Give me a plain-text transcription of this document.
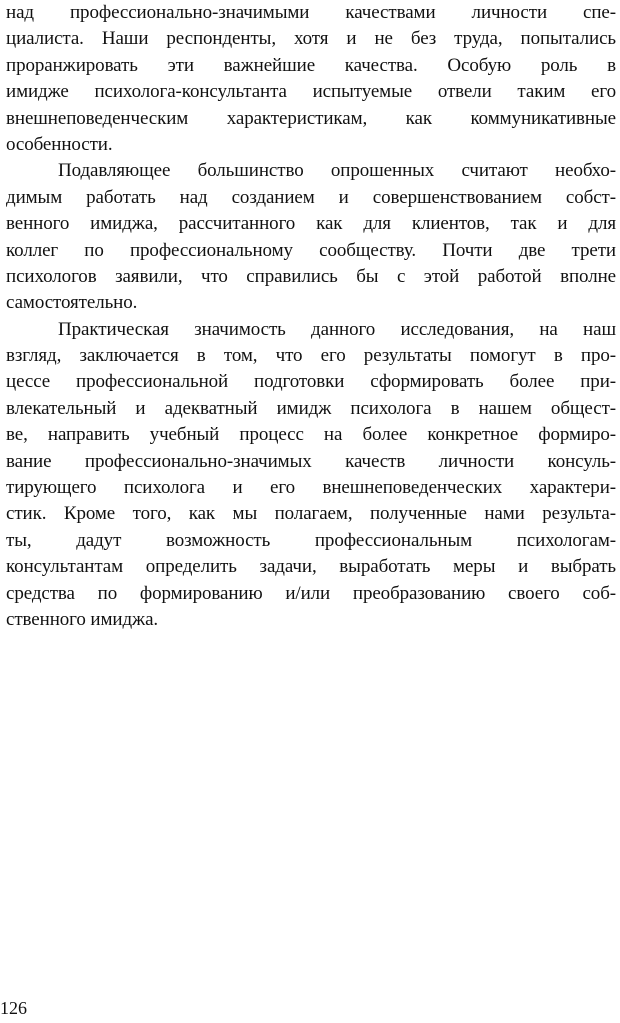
над профессионально-значимыми качествами личности спе-
циалиста. Наши респонденты, хотя и не без труда, попытались
проранжировать эти важнейшие качества. Особую роль в
имидже психолога-консультанта испытуемые отвели таким его
внешнеповеденческим характеристикам, как коммуникативные
особенности.
Подавляющее большинство опрошенных считают необхо-
димым работать над созданием и совершенствованием собст-
венного имиджа, рассчитанного как для клиентов, так и для
коллег по профессиональному сообществу. Почти две трети
психологов заявили, что справились бы с этой работой вполне
самостоятельно.
Практическая значимость данного исследования, на наш
взгляд, заключается в том, что его результаты помогут в про-
цессе профессиональной подготовки сформировать более при-
влекательный и адекватный имидж психолога в нашем общест-
ве, направить учебный процесс на более конкретное формиро-
вание профессионально-значимых качеств личности консуль-
тирующего психолога и его внешнеповеденческих характери-
стик. Кроме того, как мы полагаем, полученные нами результа-
ты, дадут возможность профессиональным психологам-
консультантам определить задачи, выработать меры и выбрать
средства по формированию и/или преобразованию своего соб-
ственного имиджа.
126
